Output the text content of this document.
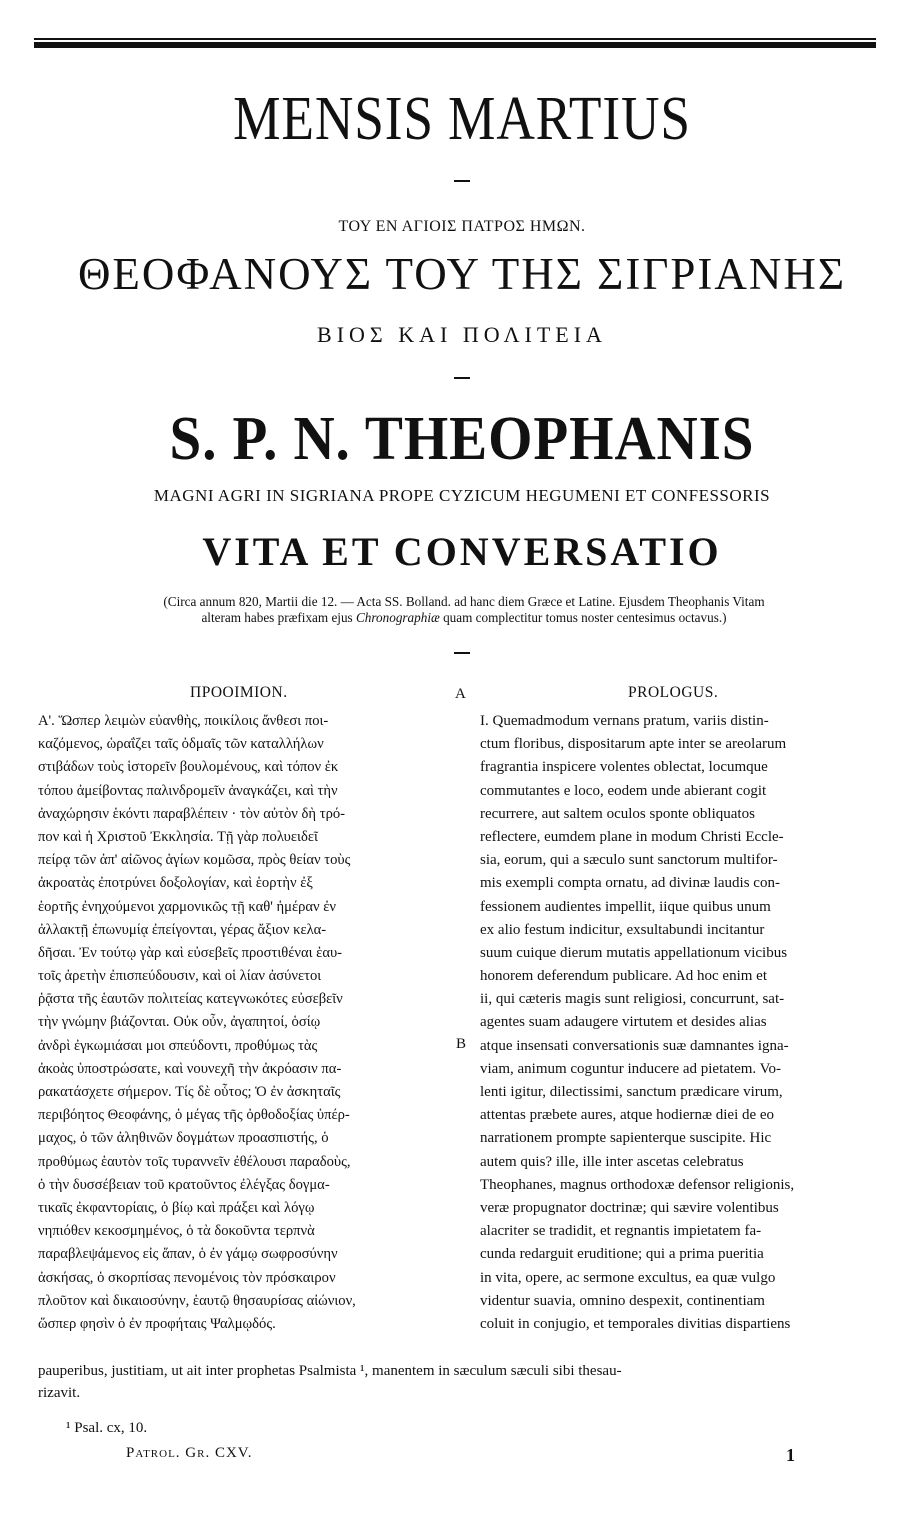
MENSIS MARTIUS
ΤΟΥ ΕΝ ΑΓΙΟΙΣ ΠΑΤΡΟΣ ΗΜΩΝ.
ΘΕΟΦΑΝΟΥΣ ΤΟΥ ΤΗΣ ΣΙΓΡΙΑΝΗΣ
ΒΙΟΣ ΚΑΙ ΠΟΛΙΤΕΙΑ
S. P. N. THEOPHANIS
MAGNI AGRI IN SIGRIANA PROPE CYZICUM HEGUMENI ET CONFESSORIS
VITA ET CONVERSATIO
(Circa annum 820, Martii die 12. — Acta SS. Bolland. ad hanc diem Græce et Latine. Ejusdem Theophanis Vitam
alteram habes præfixam ejus Chronographiæ quam complectitur tomus noster centesimus octavus.)
ΠΡΟΟΙΜΙΟΝ.	A	PROLOGUS.
Α'. Ὥσπερ λειμὼν εὐανθὴς, ποικίλοις ἄνθεσι πoι-
καζόμενος, ὡραΐζει ταῖς ὀδμαῖς τῶν καταλλήλων
στιβάδων τοὺς ἱστορεῖν βουλομένους, καὶ τόπον ἐκ
τόπου ἀμείβοντας παλινδρομεῖν ἀναγκάζει, καὶ τὴν
ἀναχώρησιν ἑκόντι παραβλέπειν · τὸν αὐτὸν δὴ τρό-
πον καὶ ἡ Χριστοῦ Ἐκκλησία. Τῇ γὰρ πολυειδεῖ
πείρᾳ τῶν ἀπ' αἰῶνος ἁγίων κομῶσα, πρὸς θείαν τοὺς
ἀκροατὰς ἐποτρύνει δοξολογίαν, καὶ ἑορτὴν ἐξ
ἑορτῆς ἐνηχούμενοι χαρμονικῶς τῇ καθ' ἡμέραν ἐν
ἀλλακτῇ ἐπωνυμίᾳ ἐπείγονται, γέρας ἄξιον κελα-
δῆσαι. Ἐν τούτῳ γὰρ καὶ εὐσεβεῖς προστιθέναι ἑαυ-
τοῖς ἀρετὴν ἐπισπεύδουσιν, καὶ οἱ λίαν ἀσύνετοι
ῥᾷστα τῆς ἑαυτῶν πολιτείας κατεγνωκότες εὐσεβεῖν
τὴν γνώμην βιάζονται. Οὐκ οὖν, ἀγαπητοί, ὁσίῳ
ἀνδρὶ ἐγκωμιάσαι μοι σπεύδοντι, προθύμως τὰς
ἀκοὰς ὑποστρώσατε, καὶ νουνεχῆ τὴν ἀκρόασιν πα-
ρακατάσχετε σήμερον. Τίς δὲ οὗτος; Ὁ ἐν ἀσκηταῖς
περιβόητος Θεοφάνης, ὁ μέγας τῆς ὀρθοδοξίας ὑπέρ-
μαχος, ὁ τῶν ἀληθινῶν δογμάτων προασπιστής, ὁ
προθύμως ἑαυτὸν τοῖς τυραννεῖν ἐθέλουσι παραδοὺς,
ὁ τὴν δυσσέβειαν τοῦ κρατοῦντος ἐλέγξας δογμα-
τικαῖς ἐκφαντορίαις, ὁ βίῳ καὶ πράξει καὶ λόγῳ
νηπιόθεν κεκοσμημένος, ὁ τὰ δοκοῦντα τερπνὰ
παραβλεψάμενος εἰς ἅπαν, ὁ ἐν γάμῳ σωφροσύνην
ἀσκήσας, ὁ σκορπίσας πενομένοις τὸν πρόσκαιρον
πλοῦτον καὶ δικαιοσύνην, ἑαυτῷ θησαυρίσας αἰώνιον,
ὥσπερ φησὶν ὁ ἐν προφήταις Ψαλμῳδός.
B
I. Quemadmodum vernans pratum, variis distin-
ctum floribus, dispositarum apte inter se areolarum
fragrantia inspicere volentes oblectat, locumque
commutantes e loco, eodem unde abierant cogit
recurrere, aut saltem oculos sponte obliquatos
reflectere, eumdem plane in modum Christi Eccle-
sia, eorum, qui a sæculo sunt sanctorum multifor-
mis exempli compta ornatu, ad divinæ laudis con-
fessionem audientes impellit, iique quibus unum
ex alio festum indicitur, exsultabundi incitantur
suum cuique dierum mutatis appellationum vicibus
honorem deferendum publicare. Ad hoc enim et
ii, qui cæteris magis sunt religiosi, concurrunt, sat-
agentes suam adaugere virtutem et desides alias
atque insensati conversationis suæ damnantes igna-
viam, animum coguntur inducere ad pietatem. Vo-
lenti igitur, dilectissimi, sanctum prædicare virum,
attentas præbete aures, atque hodiernæ diei de eo
narrationem prompte sapienterque suscipite. Hic
autem quis? ille, ille inter ascetas celebratus
Theophanes, magnus orthodoxæ defensor religionis,
veræ propugnator doctrinæ; qui sævire volentibus
alacriter se tradidit, et regnantis impietatem fa-
cunda redarguit eruditione; qui a prima pueritia
in vita, opere, ac sermone excultus, ea quæ vulgo
videntur suavia, omnino despexit, continentiam
coluit in conjugio, et temporales divitias dispartiens
pauperibus, justitiam, ut ait inter prophetas Psalmista ¹, manentem in sæculum sæculi sibi thesau-
rizavit.
¹ Psal. cx, 10.
Patrol. Gr. CXV.	1
